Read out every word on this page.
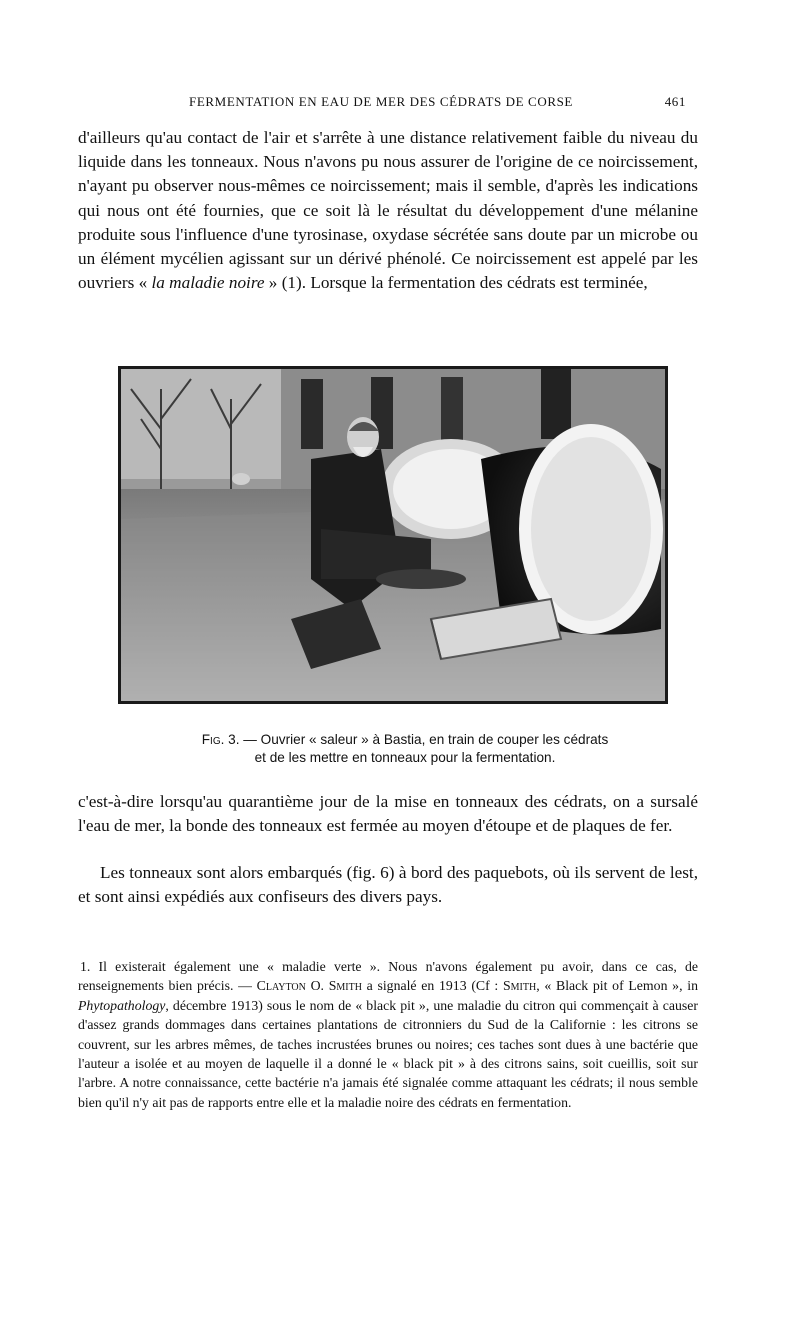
FERMENTATION EN EAU DE MER DES CÉDRATS DE CORSE	461

d'ailleurs qu'au contact de l'air et s'arrête à une distance relativement faible du niveau du liquide dans les tonneaux. Nous n'avons pu nous assurer de l'origine de ce noircissement, n'ayant pu observer nous-mêmes ce noircissement; mais il semble, d'après les indications qui nous ont été fournies, que ce soit là le résultat du développement d'une mélanine produite sous l'influence d'une tyrosinase, oxydase sécrétée sans doute par un microbe ou un élément mycélien agissant sur un dérivé phénolé. Ce noircissement est appelé par les ouvriers « la maladie noire » (1). Lorsque la fermentation des cédrats est terminée,

Fig. 3. — Ouvrier « saleur » à Bastia, en train de couper les cédrats
et de les mettre en tonneaux pour la fermentation.

c'est-à-dire lorsqu'au quarantième jour de la mise en tonneaux des cédrats, on a sursalé l'eau de mer, la bonde des tonneaux est fermée au moyen d'étoupe et de plaques de fer.

Les tonneaux sont alors embarqués (fig. 6) à bord des paquebots, où ils servent de lest, et sont ainsi expédiés aux confiseurs des divers pays.

1. Il existerait également une « maladie verte ». Nous n'avons également pu avoir, dans ce cas, de renseignements bien précis. — Clayton O. Smith a signalé en 1913 (Cf : Smith, « Black pit of Lemon », in Phytopathology, décembre 1913) sous le nom de « black pit », une maladie du citron qui commençait à causer d'assez grands dommages dans certaines plantations de citronniers du Sud de la Californie : les citrons se couvrent, sur les arbres mêmes, de taches incrustées brunes ou noires; ces taches sont dues à une bactérie que l'auteur a isolée et au moyen de laquelle il a donné le « black pit » à des citrons sains, soit cueillis, soit sur l'arbre. A notre connaissance, cette bactérie n'a jamais été signalée comme attaquant les cédrats; il nous semble bien qu'il n'y ait pas de rapports entre elle et la maladie noire des cédrats en fermentation.
